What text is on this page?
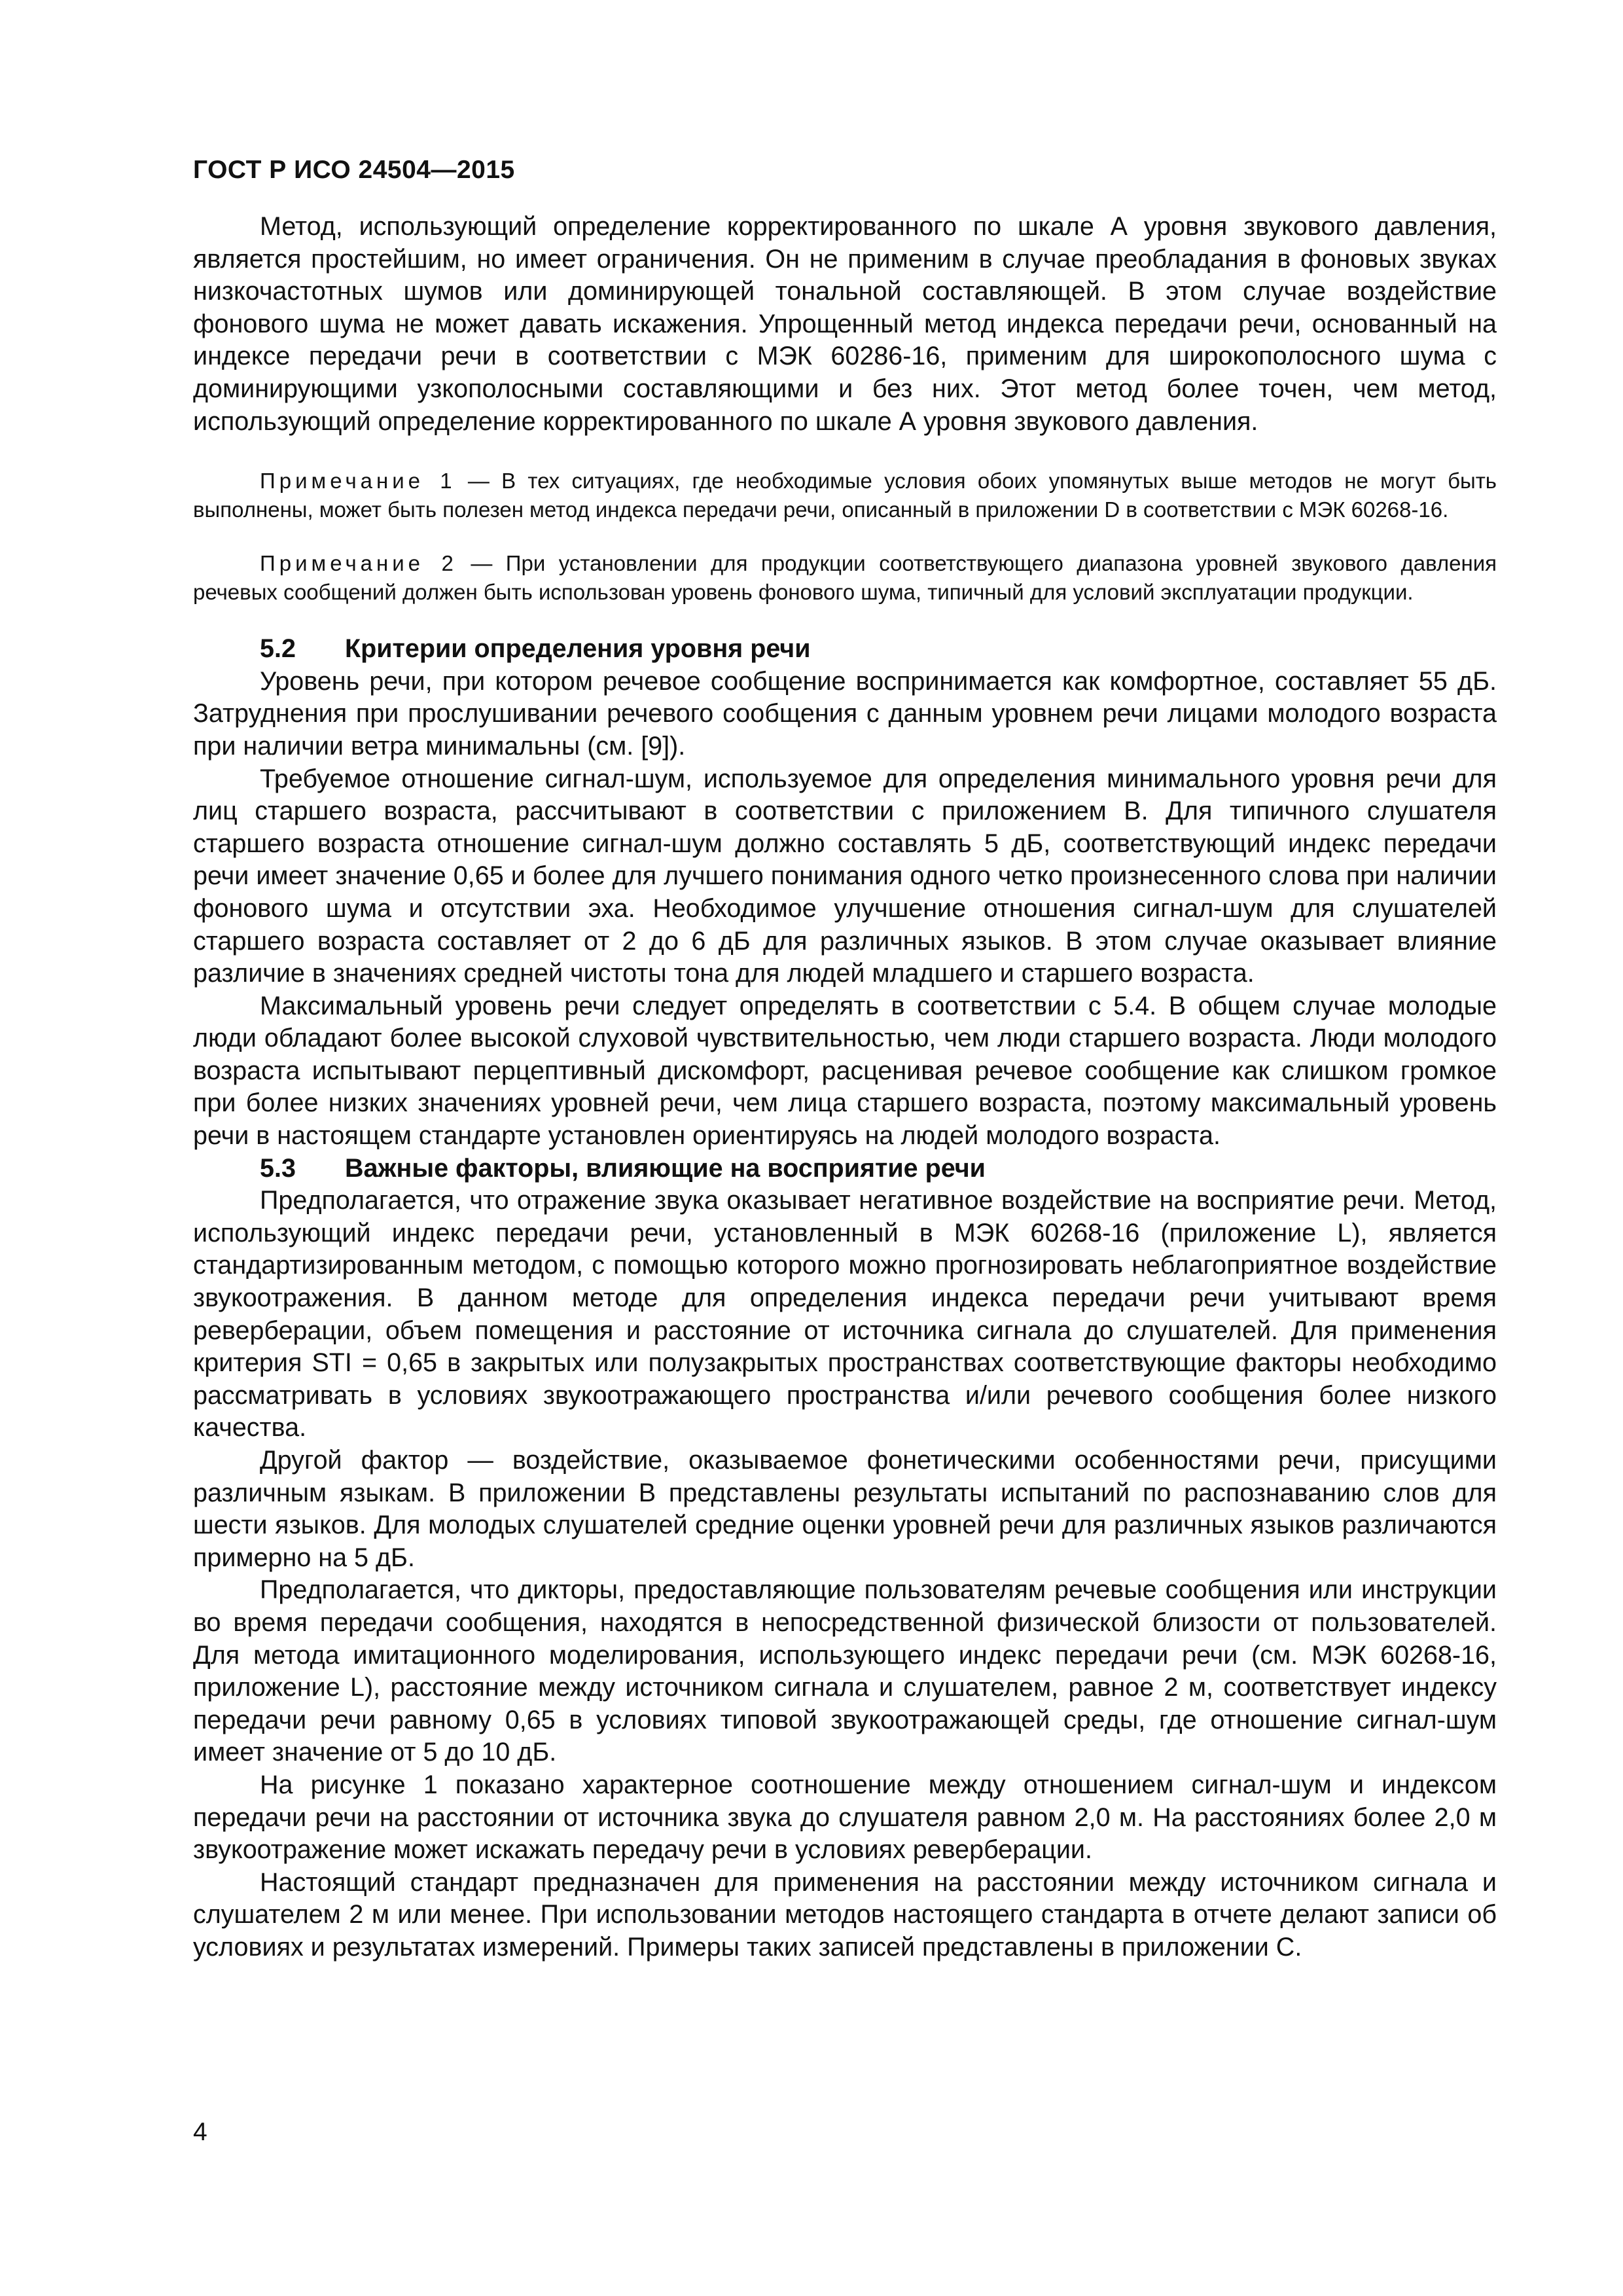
ГОСТ Р ИСО 24504—2015

Метод, использующий определение корректированного по шкале А уровня звукового давления, является простейшим, но имеет ограничения. Он не применим в случае преобладания в фоновых звуках низкочастотных шумов или доминирующей тональной составляющей. В этом случае воздействие фонового шума не может давать искажения. Упрощенный метод индекса передачи речи, основанный на индексе передачи речи в соответствии с МЭК 60286-16, применим для широкополосного шума с доминирующими узкополосными составляющими и без них. Этот метод более точен, чем метод, использующий определение корректированного по шкале А уровня звукового давления.

Примечание 1 — В тех ситуациях, где необходимые условия обоих упомянутых выше методов не могут быть выполнены, может быть полезен метод индекса передачи речи, описанный в приложении D в соответствии с МЭК 60268-16.
Примечание 2 — При установлении для продукции соответствующего диапазона уровней звукового давления речевых сообщений должен быть использован уровень фонового шума, типичный для условий эксплуатации продукции.
5.2 Критерии определения уровня речи

Уровень речи, при котором речевое сообщение воспринимается как комфортное, составляет 55 дБ. Затруднения при прослушивании речевого сообщения с данным уровнем речи лицами молодого возраста при наличии ветра минимальны (см. [9]).

Требуемое отношение сигнал-шум, используемое для определения минимального уровня речи для лиц старшего возраста, рассчитывают в соответствии с приложением В. Для типичного слушателя старшего возраста отношение сигнал-шум должно составлять 5 дБ, соответствующий индекс передачи речи имеет значение 0,65 и более для лучшего понимания одного четко произнесенного слова при наличии фонового шума и отсутствии эха. Необходимое улучшение отношения сигнал-шум для слушателей старшего возраста составляет от 2 до 6 дБ для различных языков. В этом случае оказывает влияние различие в значениях средней чистоты тона для людей младшего и старшего возраста.

Максимальный уровень речи следует определять в соответствии с 5.4. В общем случае молодые люди обладают более высокой слуховой чувствительностью, чем люди старшего возраста. Люди молодого возраста испытывают перцептивный дискомфорт, расценивая речевое сообщение как слишком громкое при более низких значениях уровней речи, чем лица старшего возраста, поэтому максимальный уровень речи в настоящем стандарте установлен ориентируясь на людей молодого возраста.

5.3 Важные факторы, влияющие на восприятие речи

Предполагается, что отражение звука оказывает негативное воздействие на восприятие речи. Метод, использующий индекс передачи речи, установленный в МЭК 60268-16 (приложение L), является стандартизированным методом, с помощью которого можно прогнозировать неблагоприятное воздействие звукоотражения. В данном методе для определения индекса передачи речи учитывают время реверберации, объем помещения и расстояние от источника сигнала до слушателей. Для применения критерия STI = 0,65 в закрытых или полузакрытых пространствах соответствующие факторы необходимо рассматривать в условиях звукоотражающего пространства и/или речевого сообщения более низкого качества.

Другой фактор — воздействие, оказываемое фонетическими особенностями речи, присущими различным языкам. В приложении В представлены результаты испытаний по распознаванию слов для шести языков. Для молодых слушателей средние оценки уровней речи для различных языков различаются примерно на 5 дБ.

Предполагается, что дикторы, предоставляющие пользователям речевые сообщения или инструкции во время передачи сообщения, находятся в непосредственной физической близости от пользователей. Для метода имитационного моделирования, использующего индекс передачи речи (см. МЭК 60268-16, приложение L), расстояние между источником сигнала и слушателем, равное 2 м, соответствует индексу передачи речи равному 0,65 в условиях типовой звукоотражающей среды, где отношение сигнал-шум имеет значение от 5 до 10 дБ.

На рисунке 1 показано характерное соотношение между отношением сигнал-шум и индексом передачи речи на расстоянии от источника звука до слушателя равном 2,0 м. На расстояниях более 2,0 м звукоотражение может искажать передачу речи в условиях реверберации.

Настоящий стандарт предназначен для применения на расстоянии между источником сигнала и слушателем 2 м или менее. При использовании методов настоящего стандарта в отчете делают записи об условиях и результатах измерений. Примеры таких записей представлены в приложении С.

4
